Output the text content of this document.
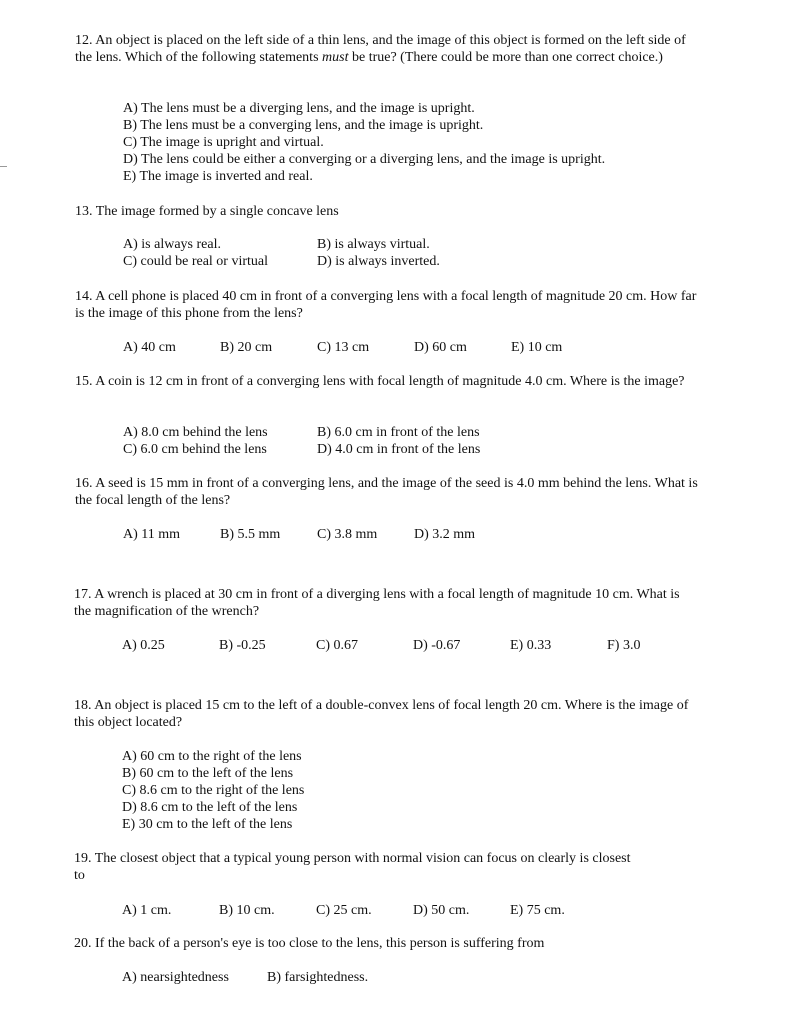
12. An object is placed on the left side of a thin lens, and the image of this object is formed on the left side of the lens. Which of the following statements must be true? (There could be more than one correct choice.)
A) The lens must be a diverging lens, and the image is upright.
B) The lens must be a converging lens, and the image is upright.
C) The image is upright and virtual.
D) The lens could be either a converging or a diverging lens, and the image is upright.
E) The image is inverted and real.
13. The image formed by a single concave lens
A) is always real.	B) is always virtual.
C) could be real or virtual	D) is always inverted.
14. A cell phone is placed 40 cm in front of a converging lens with a focal length of magnitude 20 cm. How far is the image of this phone from the lens?
A) 40 cm	B) 20 cm	C) 13 cm	D) 60 cm	E) 10 cm
15. A coin is 12 cm in front of a converging lens with focal length of magnitude 4.0 cm. Where is the image?
A) 8.0 cm behind the lens	B) 6.0 cm in front of the lens
C) 6.0 cm behind the lens	D) 4.0 cm in front of the lens
16. A seed is 15 mm in front of a converging lens, and the image of the seed is 4.0 mm behind the lens. What is the focal length of the lens?
A) 11 mm	B) 5.5 mm	C) 3.8 mm	D) 3.2 mm
17. A wrench is placed at 30 cm in front of a diverging lens with a focal length of magnitude 10 cm. What is the magnification of the wrench?
A) 0.25	B) -0.25	C) 0.67	D) -0.67	E) 0.33	F) 3.0
18. An object is placed 15 cm to the left of a double-convex lens of focal length 20 cm. Where is the image of this object located?
A) 60 cm to the right of the lens
B) 60 cm to the left of the lens
C) 8.6 cm to the right of the lens
D) 8.6 cm to the left of the lens
E) 30 cm to the left of the lens
19. The closest object that a typical young person with normal vision can focus on clearly is closest to
A) 1 cm.	B) 10 cm.	C) 25 cm.	D) 50 cm.	E) 75 cm.
20. If the back of a person's eye is too close to the lens, this person is suffering from
A) nearsightedness	B) farsightedness.
